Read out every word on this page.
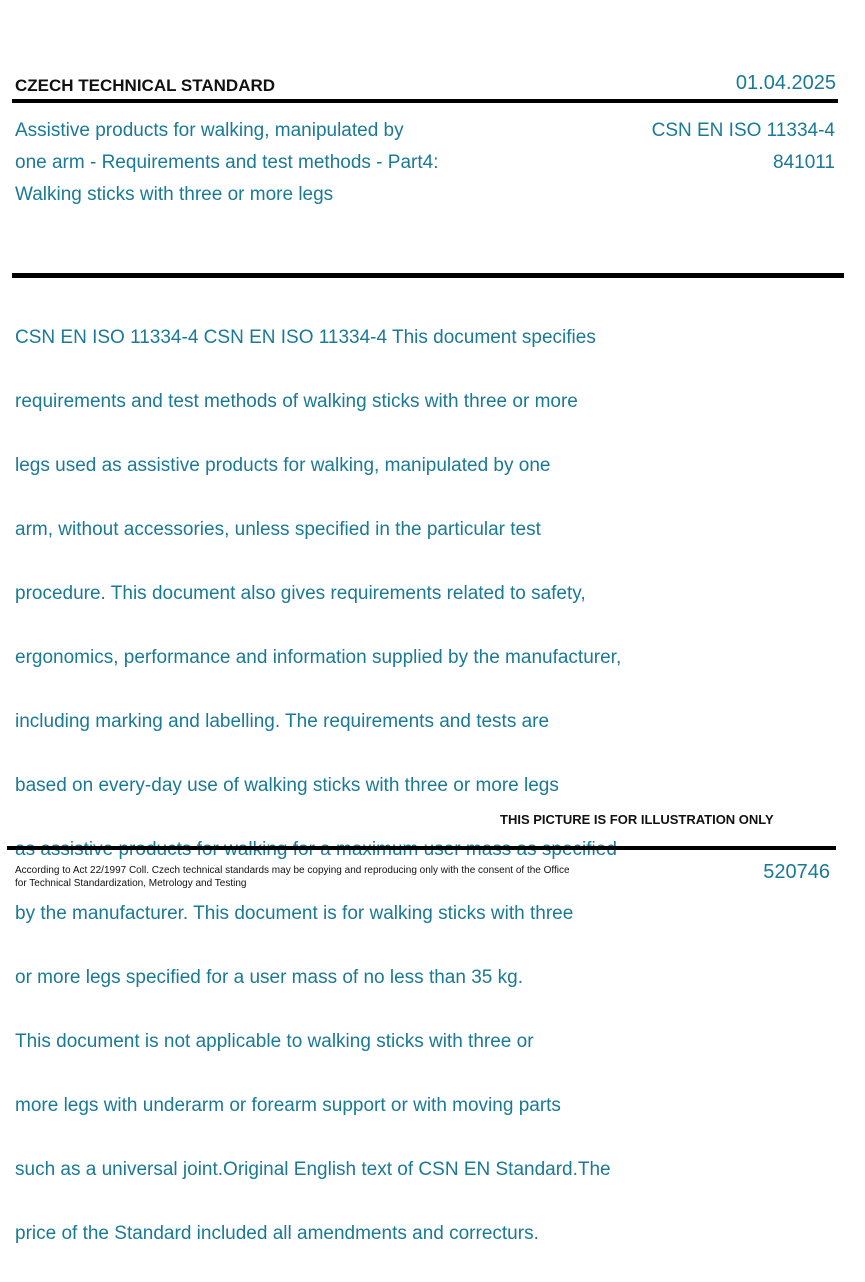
CZECH TECHNICAL STANDARD	01.04.2025
Assistive products for walking, manipulated by
one arm - Requirements and test methods - Part4:
Walking sticks with three or more legs
CSN EN ISO 11334-4
841011

CSN EN ISO 11334-4 CSN EN ISO 11334-4 This document specifies

requirements and test methods of walking sticks with three or more

legs used as assistive products for walking, manipulated by one

arm, without accessories, unless specified in the particular test

procedure. This document also gives requirements related to safety,

ergonomics, performance and information supplied by the manufacturer,

including marking and labelling. The requirements and tests are

based on every-day use of walking sticks with three or more legs

by the manufacturer. This document is for walking sticks with three

or more legs specified for a user mass of no less than 35 kg.

This document is not applicable to walking sticks with three or

more legs with underarm or forearm support or with moving parts

such as a universal joint.Original English text of CSN EN Standard.The

price of the Standard included all amendments and correcturs.

THIS PICTURE IS FOR ILLUSTRATION ONLY
According to Act 22/1997 Coll. Czech technical standards may be copying and reproducing only with the consent of the Office
for Technical Standardization, Metrology and Testing
520746
